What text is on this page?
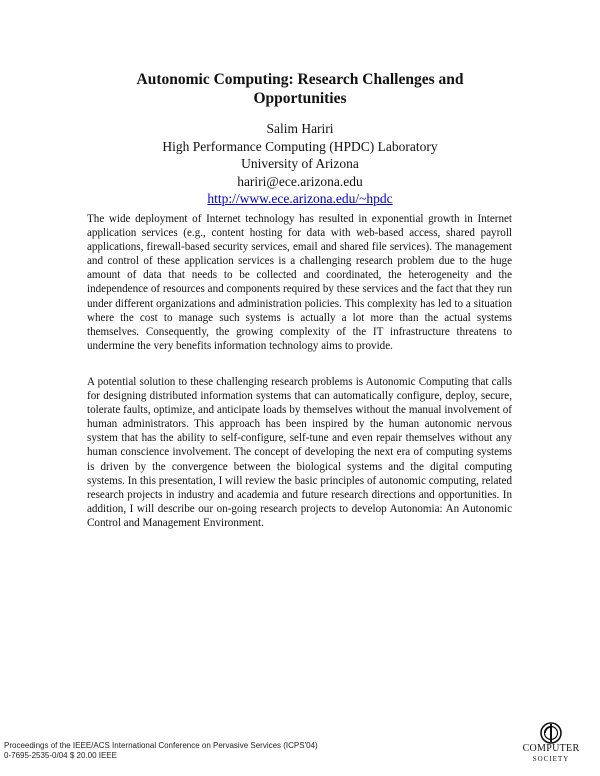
Autonomic Computing: Research Challenges and
Opportunities
Salim Hariri
High Performance Computing (HPDC) Laboratory
University of Arizona
hariri@ece.arizona.edu
http://www.ece.arizona.edu/~hpdc

The wide deployment of Internet technology has resulted in exponential growth in Internet application services (e.g., content hosting for data with web-based access, shared payroll applications, firewall-based security services, email and shared file services). The management and control of these application services is a challenging research problem due to the huge amount of data that needs to be collected and coordinated, the heterogeneity and the independence of resources and components required by these services and the fact that they run under different organizations and administration policies. This complexity has led to a situation where the cost to manage such systems is actually a lot more than the actual systems themselves. Consequently, the growing complexity of the IT infrastructure threatens to undermine the very benefits information technology aims to provide.

A potential solution to these challenging research problems is Autonomic Computing that calls for designing distributed information systems that can automatically configure, deploy, secure, tolerate faults, optimize, and anticipate loads by themselves without the manual involvement of human administrators. This approach has been inspired by the human autonomic nervous system that has the ability to self-configure, self-tune and even repair themselves without any human conscience involvement. The concept of developing the next era of computing systems is driven by the convergence between the biological systems and the digital computing systems. In this presentation, I will review the basic principles of autonomic computing, related research projects in industry and academia and future research directions and opportunities. In addition, I will describe our on-going research projects to develop Autonomia: An Autonomic Control and Management Environment.

Proceedings of the IEEE/ACS International Conference on Pervasive Services (ICPS'04)
0-7695-2535-0/04 $ 20.00 IEEE
COMPUTER
SOCIETY
